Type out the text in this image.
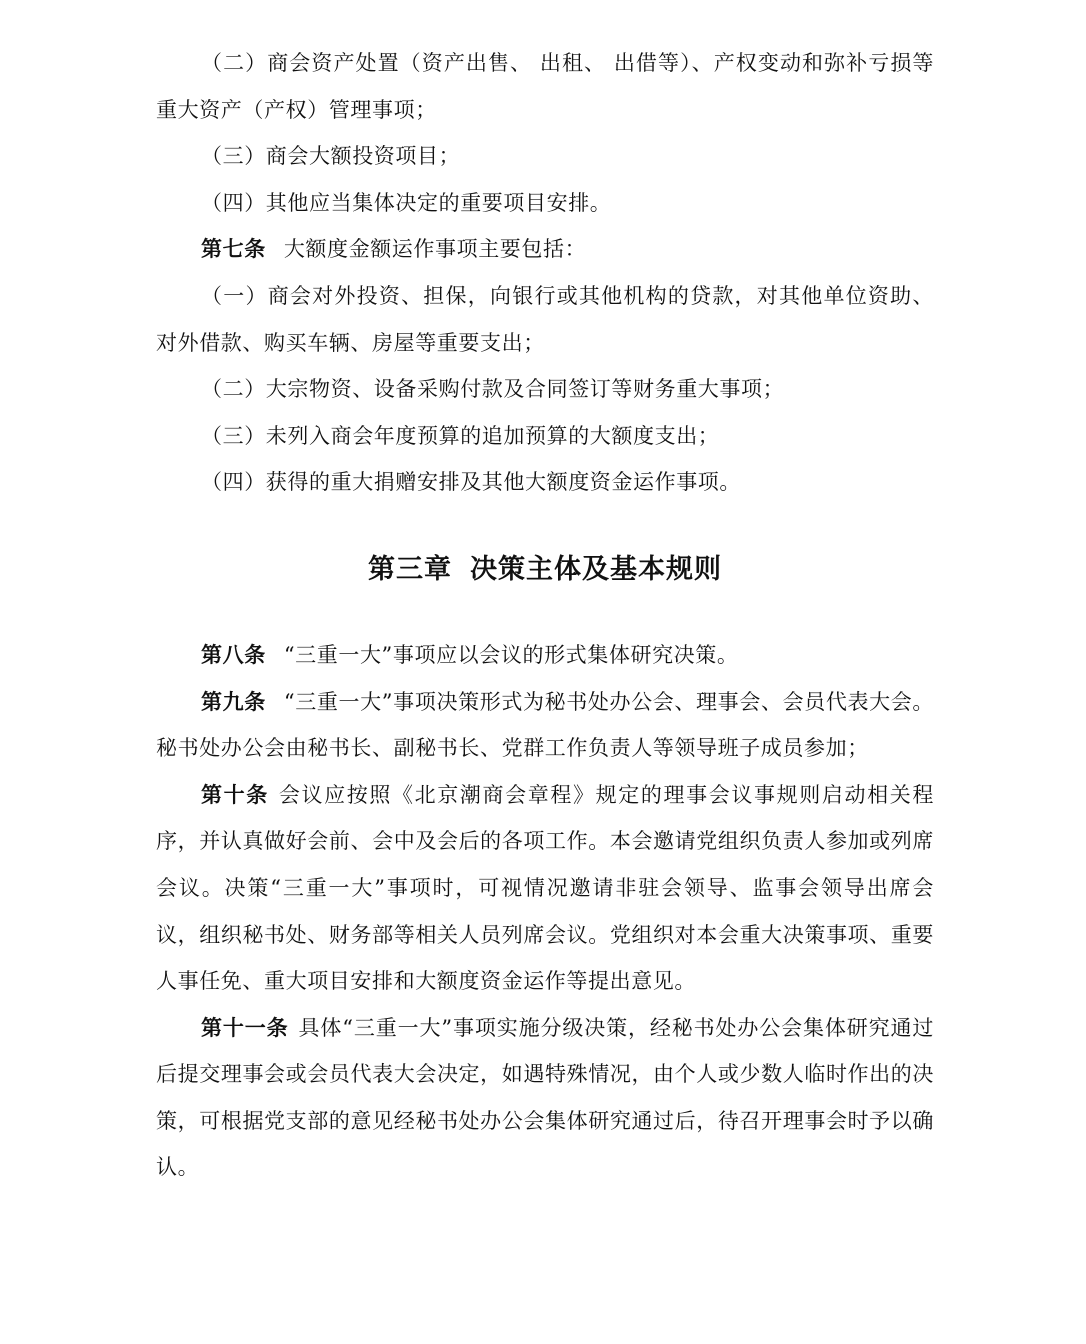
（二）商会资产处置（资产出售、 出租、 出借等）、产权变动和弥补亏损等重大资产（产权）管理事项；

（三）商会大额投资项目；

（四）其他应当集体决定的重要项目安排。

第七条 大额度金额运作事项主要包括：

（一）商会对外投资、担保，向银行或其他机构的贷款，对其他单位资助、对外借款、购买车辆、房屋等重要支出；

（二）大宗物资、设备采购付款及合同签订等财务重大事项；

（三）未列入商会年度预算的追加预算的大额度支出；

（四）获得的重大捐赠安排及其他大额度资金运作事项。

第三章 决策主体及基本规则

第八条 “三重一大”事项应以会议的形式集体研究决策。

第九条 “三重一大”事项决策形式为秘书处办公会、理事会、会员代表大会。秘书处办公会由秘书长、副秘书长、党群工作负责人等领导班子成员参加；

第十条 会议应按照《北京潮商会章程》规定的理事会议事规则启动相关程序，并认真做好会前、会中及会后的各项工作。本会邀请党组织负责人参加或列席会议。决策“三重一大”事项时，可视情况邀请非驻会领导、监事会领导出席会议，组织秘书处、财务部等相关人员列席会议。党组织对本会重大决策事项、重要人事任免、重大项目安排和大额度资金运作等提出意见。

第十一条 具体“三重一大”事项实施分级决策，经秘书处办公会集体研究通过后提交理事会或会员代表大会决定，如遇特殊情况，由个人或少数人临时作出的决策，可根据党支部的意见经秘书处办公会集体研究通过后，待召开理事会时予以确认。
